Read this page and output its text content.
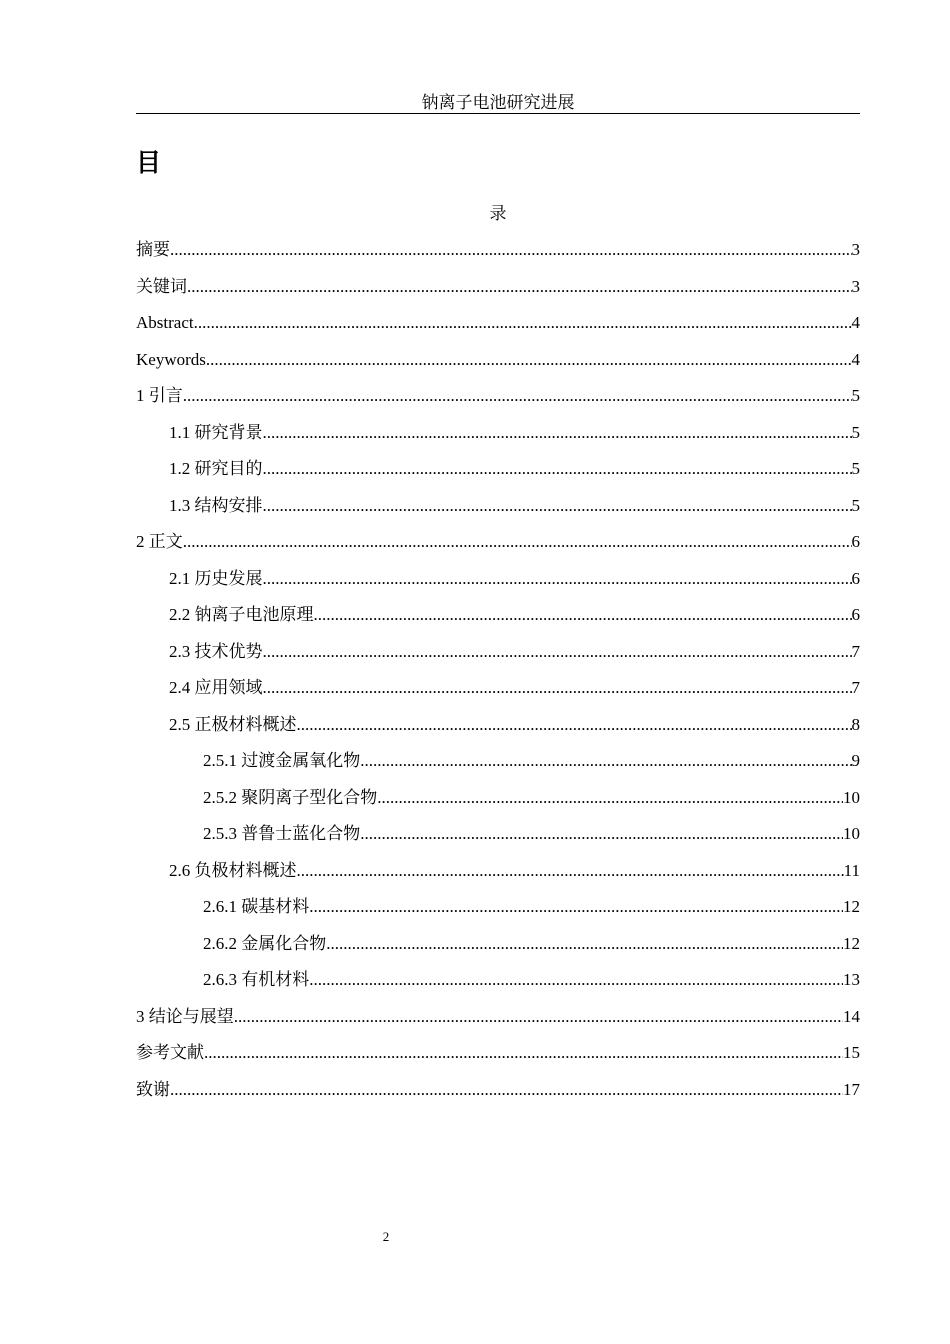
钠离子电池研究进展
目
录
摘要 .....	3
关键词 .....	3
Abstract .....	4
Keywords .....	4
1 引言 .....	5
1.1 研究背景 .....	5
1.2 研究目的 .....	5
1.3 结构安排 .....	5
2 正文 .....	6
2.1 历史发展 .....	6
2.2 钠离子电池原理 .....	6
2.3 技术优势 .....	7
2.4 应用领域 .....	7
2.5 正极材料概述 .....	8
2.5.1 过渡金属氧化物 .....	9
2.5.2 聚阴离子型化合物 .....	10
2.5.3 普鲁士蓝化合物 .....	10
2.6 负极材料概述 .....	11
2.6.1 碳基材料 .....	12
2.6.2 金属化合物 .....	12
2.6.3 有机材料 .....	13
3 结论与展望 .....	14
参考文献 .....	15
致谢 .....	17
2
